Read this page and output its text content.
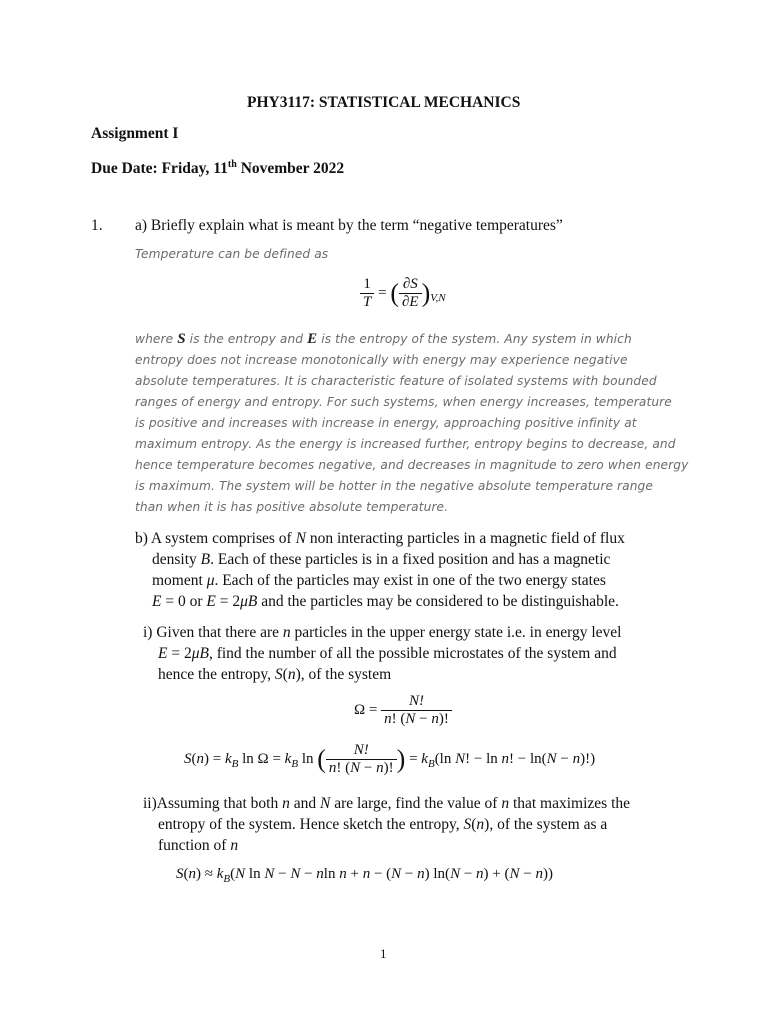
PHY3117: STATISTICAL MECHANICS
Assignment I
Due Date: Friday, 11th November 2022
1. a) Briefly explain what is meant by the term “negative temperatures”
Temperature can be defined as
$\frac{1}{T}$ = ( $\frac{\partial S}{\partial E} )_{V,N}$
where S is the entropy and E is the entropy of the system. Any system in which
entropy does not increase monotonically with energy may experience negative
absolute temperatures. It is characteristic feature of isolated systems with bounded
ranges of energy and entropy. For such systems, when energy increases, temperature
is positive and increases with increase in energy, approaching positive infinity at
maximum entropy. As the energy is increased further, entropy begins to decrease, and
hence temperature becomes negative, and decreases in magnitude to zero when energy
is maximum. The system will be hotter in the negative absolute temperature range
than when it is has positive absolute temperature.
b) A system comprises of N non interacting particles in a magnetic field of flux
density B. Each of these particles is in a fixed position and has a magnetic
moment μ. Each of the particles may exist in one of the two energy states
E = 0 or E = 2μB and the particles may be considered to be distinguishable.
i) Given that there are n particles in the upper energy state i.e. in energy level
E = 2μB, find the number of all the possible microstates of the system and
hence the entropy, S(n), of the system
$\Omega = \frac{N!}{n! (N - n)!}$
$S(n) = k_B$ $\ln \Omega = k_B$ ln ( $\frac{N!}{n! (N - n)!}$ ) = $k_B(\ln$ N! − ln n! − ln(N − n)!)
ii)Assuming that both n and N are large, find the value of n that maximizes the
entropy of the system. Hence sketch the entropy, S(n), of the system as a
function of n
$S(n) \approx k_B(N$ ln N − N − nln n + n − (N − n) ln(N − n) + (N − n))
1
